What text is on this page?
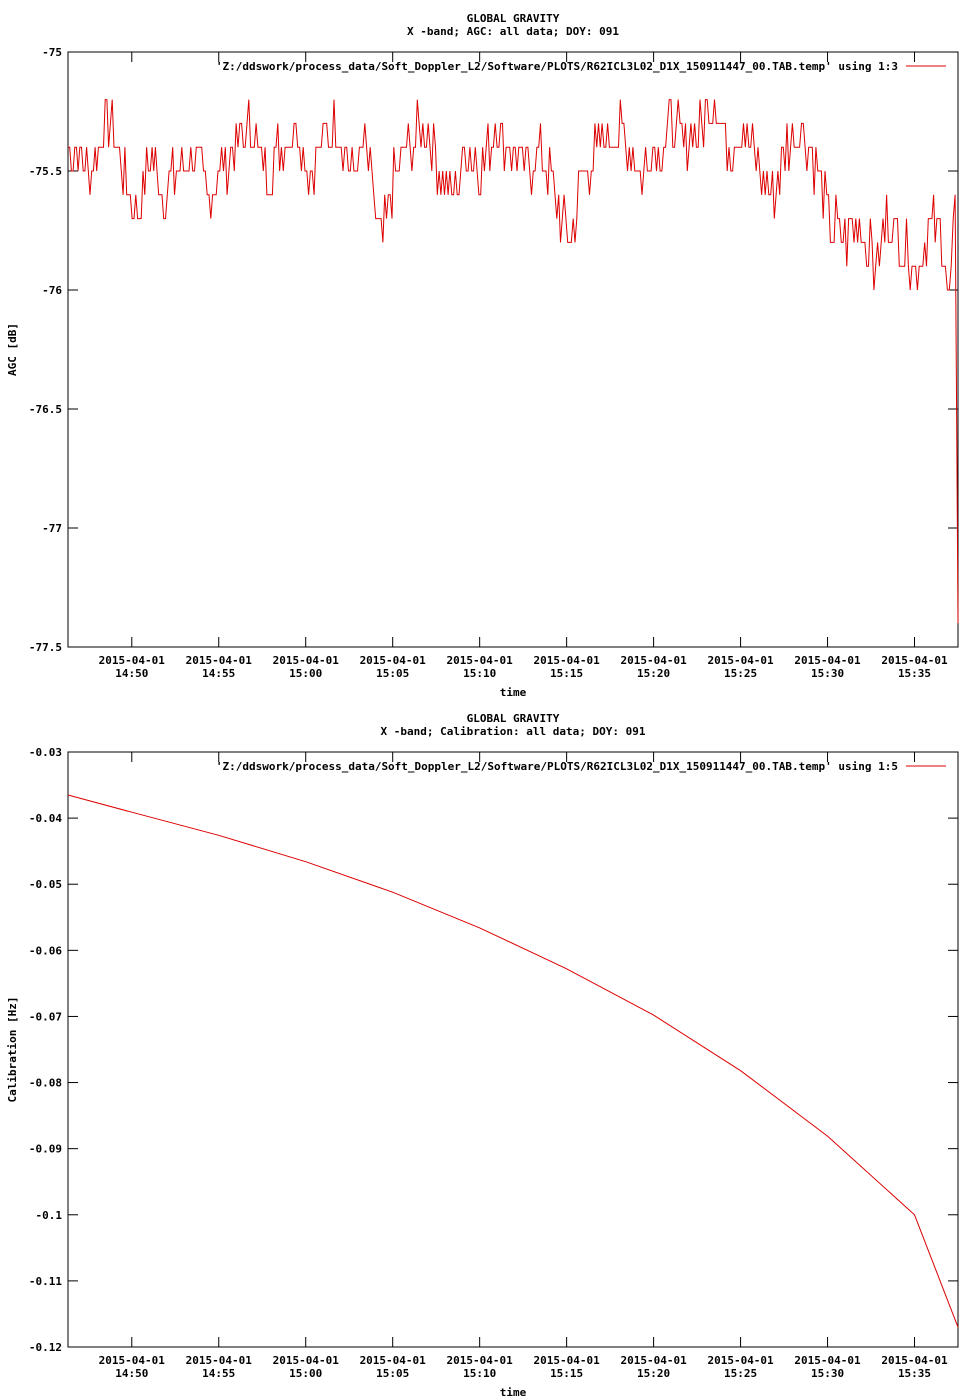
GLOBAL GRAVITY
X -band; AGC: all data; DOY: 091
-75
-75.5
-76
-76.5
-77
-77.5
2015-04-01
14:50
2015-04-01
14:55
2015-04-01
15:00
2015-04-01
15:05
2015-04-01
15:10
2015-04-01
15:15
2015-04-01
15:20
2015-04-01
15:25
2015-04-01
15:30
2015-04-01
15:35
time
AGC [dB]
'Z:/ddswork/process_data/Soft_Doppler_L2/Software/PLOTS/R62ICL3L02_D1X_150911447_00.TAB.temp' using 1:3
GLOBAL GRAVITY
X -band; Calibration: all data; DOY: 091
-0.03
-0.04
-0.05
-0.06
-0.07
-0.08
-0.09
-0.1
-0.11
-0.12
2015-04-01
14:50
2015-04-01
14:55
2015-04-01
15:00
2015-04-01
15:05
2015-04-01
15:10
2015-04-01
15:15
2015-04-01
15:20
2015-04-01
15:25
2015-04-01
15:30
2015-04-01
15:35
time
Calibration [Hz]
'Z:/ddswork/process_data/Soft_Doppler_L2/Software/PLOTS/R62ICL3L02_D1X_150911447_00.TAB.temp' using 1:5
